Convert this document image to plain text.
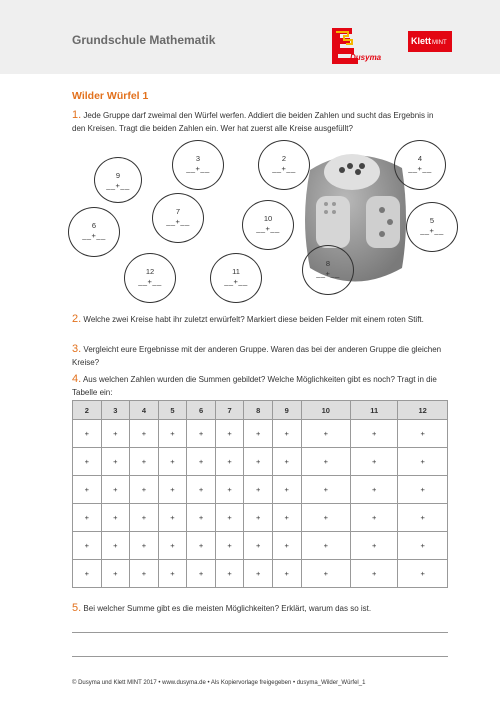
Grundschule Mathematik
Dusyma
KlettMINT
Wilder Würfel 1
1. Jede Gruppe darf zweimal den Würfel werfen. Addiert die beiden Zahlen und sucht das Ergebnis in den Kreisen. Tragt die beiden Zahlen ein. Wer hat zuerst alle Kreise ausgefüllt?
9
__+__
3
__+__
2
__+__
4
__+__
7
__+__	10
__+__
6
__+__
5
__+__
8
__+__
12
__+__
11
__+__
2. Welche zwei Kreise habt ihr zuletzt erwürfelt? Markiert diese beiden Felder mit einem roten Stift.
3. Vergleicht eure Ergebnisse mit der anderen Gruppe. Waren das bei der anderen Gruppe die gleichen Kreise?
4. Aus welchen Zahlen wurden die Summen gebildet? Welche Möglichkeiten gibt es noch? Tragt in die Tabelle ein:
2	3	4	5	6	7	8	9	10	11	12
+	+	+	+	+	+	+	+	+	+	+
+	+	+	+	+	+	+	+	+	+	+
+	+	+	+	+	+	+	+	+	+	+
+	+	+	+	+	+	+	+	+	+	+
+	+	+	+	+	+	+	+	+	+	+
+	+	+	+	+	+	+	+	+	+	+
5. Bei welcher Summe gibt es die meisten Möglichkeiten? Erklärt, warum das so ist.
© Dusyma und Klett MINT 2017 • www.dusyma.de • Als Kopiervorlage freigegeben • dusyma_Wilder_Würfel_1
